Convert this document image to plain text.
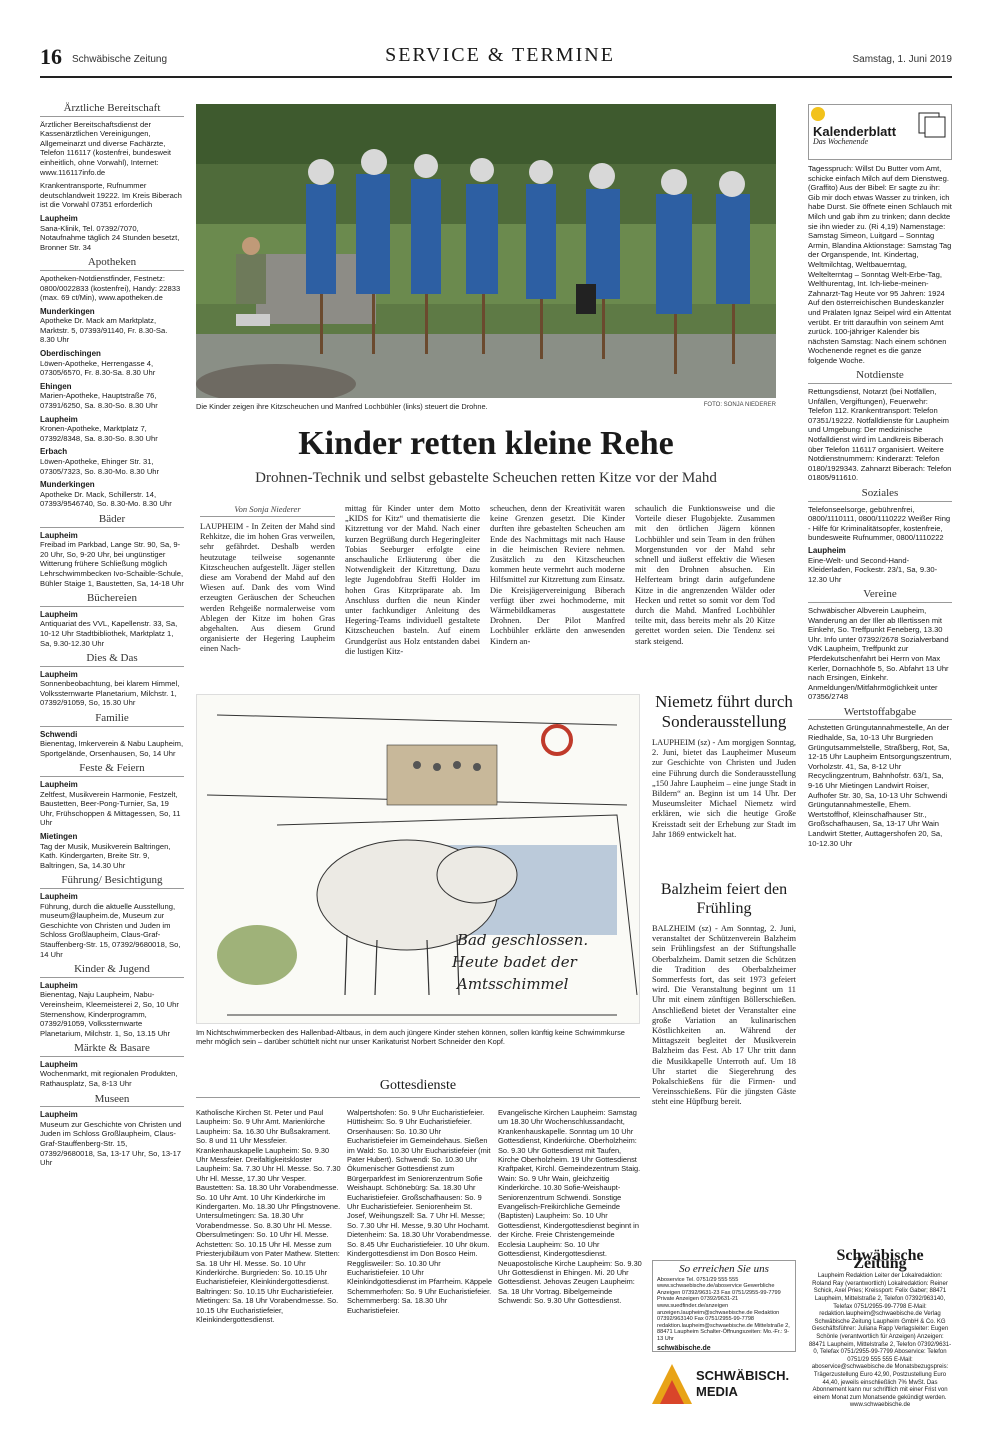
16 Schwäbische Zeitung	SERVICE & TERMINE	Samstag, 1. Juni 2019
Ärztliche Bereitschaft

Ärztlicher Bereitschaftsdienst der Kassenärztlichen Vereinigungen, Allgemeinarzt und diverse Fachärzte, Telefon 116117 (kostenfrei, bundesweit einheitlich, ohne Vorwahl), Internet: www.116117info.de

Krankentransporte, Rufnummer deutschlandweit 19222. Im Kreis Biberach ist die Vorwahl 07351 erforderlich

Laupheim

Sana-Klinik, Tel. 07392/7070, Notaufnahme täglich 24 Stunden besetzt, Bronner Str. 34

Apotheken

Apotheken-Notdienstfinder, Festnetz: 0800/0022833 (kostenfrei), Handy: 22833 (max. 69 ct/Min), www.apotheken.de

Munderkingen

Apotheke Dr. Mack am Marktplatz, Marktstr. 5, 07393/91140, Fr. 8.30-Sa. 8.30 Uhr

Oberdischingen

Löwen-Apotheke, Herrengasse 4, 07305/6570, Fr. 8.30-Sa. 8.30 Uhr

Ehingen

Marien-Apotheke, Hauptstraße 76, 07391/6250, Sa. 8.30-So. 8.30 Uhr

Laupheim

Kronen-Apotheke, Marktplatz 7, 07392/8348, Sa. 8.30-So. 8.30 Uhr

Erbach

Löwen-Apotheke, Ehinger Str. 31, 07305/7323, So. 8.30-Mo. 8.30 Uhr

Munderkingen

Apotheke Dr. Mack, Schillerstr. 14, 07393/9546740, So. 8.30-Mo. 8.30 Uhr

Bäder
Laupheim

Freibad im Parkbad, Lange Str. 90, Sa, 9-20 Uhr, So, 9-20 Uhr, bei ungünstiger Witterung frühere Schließung möglich Lehrschwimmbecken Ivo-Schaible-Schule, Bühler Staige 1, Baustetten, Sa, 14-18 Uhr

Büchereien
Laupheim

Antiquariat des VVL, Kapellenstr. 33, Sa, 10-12 Uhr Stadtbibliothek, Marktplatz 1, Sa, 9.30-12.30 Uhr

Dies & Das
Laupheim

Sonnenbeobachtung, bei klarem Himmel, Volkssternwarte Planetarium, Milchstr. 1, 07392/91059, So, 15.30 Uhr

Familie
Schwendi

Bienentag, Imkerverein & Nabu Laupheim, Sportgelände, Orsenhausen, So, 14 Uhr

Feste & Feiern
Laupheim

Zeltfest, Musikverein Harmonie, Festzelt, Baustetten, Beer-Pong-Turnier, Sa, 19 Uhr, Frühschoppen & Mittagessen, So, 11 Uhr

Mietingen

Tag der Musik, Musikverein Baltringen, Kath. Kindergarten, Breite Str. 9, Baltringen, Sa, 14.30 Uhr

Führung/ Besichtigung
Laupheim

Führung, durch die aktuelle Ausstellung, museum@laupheim.de, Museum zur Geschichte von Christen und Juden im Schloss Großlaupheim, Claus-Graf-Stauffenberg-Str. 15, 07392/9680018, So, 14 Uhr

Kinder & Jugend
Laupheim

Bienentag, Naju Laupheim, Nabu-Vereinsheim, Kleemeisterei 2, So, 10 Uhr Sternenshow, Kinderprogramm, 07392/91059, Volkssternwarte Planetarium, Milchstr. 1, So, 13.15 Uhr

Märkte & Basare
Laupheim

Wochenmarkt, mit regionalen Produkten, Rathausplatz, Sa, 8-13 Uhr

Museen
Laupheim

Museum zur Geschichte von Christen und Juden im Schloss Großlaupheim, Claus-Graf-Stauffenberg-Str. 15, 07392/9680018, Sa, 13-17 Uhr, So, 13-17 Uhr

Die Kinder zeigen ihre Kitzscheuchen und Manfred Lochbühler (links) steuert die Drohne.	FOTO: SONJA NIEDERER
Kinder retten kleine Rehe
Drohnen-Technik und selbst gebastelte Scheuchen retten Kitze vor der Mahd
Von Sonja Niederer
LAUPHEIM - In Zeiten der Mahd sind Rehkitze, die im hohen Gras verweilen, sehr gefährdet. Deshalb werden heutzutage teilweise sogenannte Kitzscheuchen aufgestellt. Jäger stellen diese am Vorabend der Mahd auf den Wiesen auf. Dank des vom Wind erzeugten Geräuschen der Scheuchen werden Rehgeiße normalerweise vom Ablegen der Kitze im hohen Gras abgehalten. Aus diesem Grund organisierte der Hegering Laupheim einen Nach-
mittag für Kinder unter dem Motto „KIDS for Kitz“ und thematisierte die Kitzrettung vor der Mahd. Nach einer kurzen Begrüßung durch Hegeringleiter Tobias Seeburger erfolgte eine anschauliche Erläuterung über die Notwendigkeit der Kitzrettung. Dazu legte Jugendobfrau Steffi Holder im hohen Gras Kitzpräparate ab. Im Anschluss durften die neun Kinder unter fachkundiger Anleitung des Hegering-Teams individuell gestaltete Kitzscheuchen basteln. Auf einem Grundgerüst aus Holz entstanden dabei die lustigen Kitz-
scheuchen, denn der Kreativität waren keine Grenzen gesetzt. Die Kinder durften ihre gebastelten Scheuchen am Ende des Nachmittags mit nach Hause in die heimischen Reviere nehmen. Zusätzlich zu den Kitzscheuchen kommen heute vermehrt auch moderne Hilfsmittel zur Kitzrettung zum Einsatz. Die Kreisjägervereinigung Biberach verfügt über zwei hochmoderne, mit Wärmebildkameras ausgestattete Drohnen. Der Pilot Manfred Lochbühler erklärte den anwesenden Kindern an-
schaulich die Funktionsweise und die Vorteile dieser Flugobjekte. Zusammen mit den örtlichen Jägern können Lochbühler und sein Team in den frühen Morgenstunden vor der Mahd sehr schnell und äußerst effektiv die Wiesen mit den Drohnen absuchen. Ein Helferteam bringt darin aufgefundene Kitze in die angrenzenden Wälder oder Hecken und rettet so somit vor dem Tod durch die Mahd. Manfred Lochbühler teilte mit, dass bereits mehr als 20 Kitze gerettet worden seien. Die Tendenz sei stark steigend.
Bad geschlossen.
Heute badet der
Amtsschimmel
Im Nichtschwimmerbecken des Hallenbad-Altbaus, in dem auch jüngere Kinder stehen können, sollen künftig keine Schwimmkurse mehr möglich sein – darüber schüttelt nicht nur unser Karikaturist Norbert Schneider den Kopf.
Niemetz führt durch Sonderausstellung
LAUPHEIM (sz) - Am morgigen Sonntag, 2. Juni, bietet das Laupheimer Museum zur Geschichte von Christen und Juden eine Führung durch die Sonderausstellung „150 Jahre Laupheim – eine junge Stadt in Bildern“ an. Beginn ist um 14 Uhr. Der Museumsleiter Michael Niemetz wird erklären, wie sich die heutige Große Kreisstadt seit der Erhebung zur Stadt im Jahr 1869 entwickelt hat.
Balzheim feiert den Frühling
BALZHEIM (sz) - Am Sonntag, 2. Juni, veranstaltet der Schützenverein Balzheim sein Frühlingsfest an der Stiftungshalle Oberbalzheim. Damit setzen die Schützen die Tradition des Oberbalzheimer Sommerfests fort, das seit 1973 gefeiert wird. Die Veranstaltung beginnt um 11 Uhr mit einem zünftigen Böllerschießen. Anschließend bietet der Veranstalter eine große Variation an kulinarischen Köstlichkeiten an. Während der Mittagszeit begleitet der Musikverein Balzheim das Fest. Ab 17 Uhr tritt dann die Musikkapelle Unterroth auf. Um 18 Uhr startet die Siegerehrung des Pokalschießens für die Firmen- und Vereinsschießens. Für die jüngsten Gäste steht eine Hüpfburg bereit.
Gottesdienste
Katholische Kirchen St. Peter und Paul Laupheim: So. 9 Uhr Amt. Marienkirche Laupheim: Sa. 16.30 Uhr Bußsakrament. So. 8 und 11 Uhr Messfeier. Krankenhauskapelle Laupheim: So. 9.30 Uhr Messfeier. Dreifaltigkeitskloster Laupheim: Sa. 7.30 Uhr Hl. Messe. So. 7.30 Uhr Hl. Messe, 17.30 Uhr Vesper. Baustetten: Sa. 18.30 Uhr Vorabendmesse. So. 10 Uhr Amt. 10 Uhr Kinderkirche im Kindergarten. Mo. 18.30 Uhr Pfingstnovene. Untersulmetingen: Sa. 18.30 Uhr Vorabendmesse. So. 8.30 Uhr Hl. Messe. Obersulmetingen: So. 10 Uhr Hl. Messe. Achstetten: So. 10.15 Uhr Hl. Messe zum Priesterjubiläum von Pater Mathew. Stetten: Sa. 18 Uhr Hl. Messe. So. 10 Uhr Kinderkirche. Burgrieden: So. 10.15 Uhr Eucharistiefeier, Kleinkindergottesdienst. Baltringen: So. 10.15 Uhr Eucharistiefeier. Mietingen: Sa. 18 Uhr Vorabendmesse. So. 10.15 Uhr Eucharistiefeier, Kleinkindergottesdienst.
Walpertshofen: So. 9 Uhr Eucharistiefeier. Hüttisheim: So. 9 Uhr Eucharistiefeier. Orsenhausen: So. 10.30 Uhr Eucharistiefeier im Gemeindehaus. Sießen im Wald: So. 10.30 Uhr Eucharistiefeier (mit Pater Hubert). Schwendi: So. 10.30 Uhr Ökumenischer Gottesdienst zum Bürgerparkfest im Seniorenzentrum Sofie Weishaupt. Schönebürg: Sa. 18.30 Uhr Eucharistiefeier. Großschafhausen: So. 9 Uhr Eucharistiefeier. Seniorenheim St. Josef, Weihungszell: Sa. 7 Uhr Hl. Messe; So. 7.30 Uhr Hl. Messe, 9.30 Uhr Hochamt. Dietenheim: Sa. 18.30 Uhr Vorabendmesse. So. 8.45 Uhr Eucharistiefeier. 10 Uhr ökum. Kindergottesdienst im Don Bosco Heim. Regglisweiler: So. 10.30 Uhr Eucharistiefeier. 10 Uhr Kleinkindgottesdienst im Pfarrheim. Käppele Schemmerhofen: So. 9 Uhr Eucharistiefeier. Schemmerberg: Sa. 18.30 Uhr Eucharistiefeier.
Evangelische Kirchen Laupheim: Samstag um 18.30 Uhr Wochenschlussandacht, Krankenhauskapelle. Sonntag um 10 Uhr Gottesdienst, Kinderkirche. Oberholzheim: So. 9.30 Uhr Gottesdienst mit Taufen, Kirche Oberholzheim. 19 Uhr Gottesdienst Kraftpaket, Kirchl. Gemeindezentrum Staig. Wain: So. 9 Uhr Wain, gleichzeitig Kinderkirche. 10.30 Sofie-Weishaupt-Seniorenzentrum Schwendi. Sonstige Evangelisch-Freikirchliche Gemeinde (Baptisten) Laupheim: So. 10 Uhr Gottesdienst, Kindergottesdienst beginnt in der Kirche. Freie Christengemeinde Ecclesia Laupheim: So. 10 Uhr Gottesdienst, Kindergottesdienst. Neuapostolische Kirche Laupheim: So. 9.30 Uhr Gottesdienst in Ehingen. Mi. 20 Uhr Gottesdienst. Jehovas Zeugen Laupheim: Sa. 18 Uhr Vortrag. Bibelgemeinde Schwendi: So. 9.30 Uhr Gottesdienst.
So erreichen Sie uns
Aboservice Tel. 0751/29 555 555 www.schwaebische.de/aboservice Gewerbliche Anzeigen 07392/9631-23 Fax 0751/2955-99-7799 Private Anzeigen 07392/9631-21 www.suedfinder.de/anzeigen anzeigen.laupheim@schwaebische.de Redaktion 07392/963140 Fax 0751/2955-99-7798 redaktion.laupheim@schwaebische.de Mittelstraße 2, 88471 Laupheim Schalter-Öffnungszeiten: Mo.-Fr.: 9-13 Uhr
schwäbische.de
SCHWÄBISCH.
MEDIA
Kalenderblatt
Das Wochenende

Tagesspruch: Willst Du Butter vom Amt, schicke einfach Milch auf dem Dienstweg. (Graffito) Aus der Bibel: Er sagte zu ihr: Gib mir doch etwas Wasser zu trinken, ich habe Durst. Sie öffnete einen Schlauch mit Milch und gab ihm zu trinken; dann deckte sie ihn wieder zu. (Ri 4,19) Namenstage: Samstag Simeon, Luitgard – Sonntag Armin, Blandina Aktionstage: Samstag Tag der Organspende, Int. Kindertag, Weltmilchtag, Weltbauerntag, Weltelterntag – Sonntag Welt-Erbe-Tag, Welthurentag, Int. Ich-liebe-meinen-Zahnarzt-Tag Heute vor 95 Jahren: 1924 Auf den österreichischen Bundeskanzler und Prälaten Ignaz Seipel wird ein Attentat verübt. Er tritt daraufhin von seinem Amt zurück. 100-jähriger Kalender bis nächsten Samstag: Nach einem schönen Wochenende regnet es die ganze folgende Woche.

Notdienste

Rettungsdienst, Notarzt (bei Notfällen, Unfällen, Vergiftungen), Feuerwehr: Telefon 112. Krankentransport: Telefon 07351/19222. Notfalldienste für Laupheim und Umgebung: Der medizinische Notfalldienst wird im Landkreis Biberach über Telefon 116117 organisiert. Weitere Notdienstnummern: Kinderarzt: Telefon 0180/1929343. Zahnarzt Biberach: Telefon 01805/911610.

Soziales

Telefonseelsorge, gebührenfrei, 0800/1110111, 0800/1110222 Weißer Ring - Hilfe für Kriminalitätsopfer, kostenfreie, bundesweite Rufnummer, 0800/1110222

Laupheim

Eine-Welt- und Second-Hand-Kleiderladen, Fockestr. 23/1, Sa, 9.30-12.30 Uhr

Vereine

Schwäbischer Albverein Laupheim, Wanderung an der Iller ab Illertissen mit Einkehr, So. Treffpunkt Feneberg, 13.30 Uhr. Info unter 07392/2678 Sozialverband VdK Laupheim, Treffpunkt zur Pferdekutschenfahrt bei Herrn von Max Kerler, Dornachhöfe 5, So. Abfahrt 13 Uhr nach Ersingen, Einkehr. Anmeldungen/Mitfahrmöglichkeit unter 07356/2748

Wertstoffabgabe

Achstetten Grüngutannahmestelle, An der Riedhalde, Sa, 10-13 Uhr Burgrieden Grüngutsammelstelle, Straßberg, Rot, Sa, 12-15 Uhr Laupheim Entsorgungszentrum, Vorholzstr. 41, Sa, 8-12 Uhr Recyclingzentrum, Bahnhofstr. 63/1, Sa, 9-16 Uhr Mietingen Landwirt Roiser, Aufhofer Str. 30, Sa, 10-13 Uhr Schwendi Grüngutannahmestelle, Ehem. Wertstoffhof, Kleinschafhauser Str., Großschafhausen, Sa, 13-17 Uhr Wain Landwirt Stetter, Auttagershofen 20, Sa, 10-12.30 Uhr

Schwäbische Zeitung
Laupheim Redaktion Leiter der Lokalredaktion: Roland Ray (verantwortlich) Lokalredaktion: Reiner Schick, Axel Pries; Kreissport: Felix Gaber; 88471 Laupheim, Mittelstraße 2, Telefon 07392/963140, Telefax 0751/2955-99-7798 E-Mail: redaktion.laupheim@schwaebische.de Verlag Schwäbische Zeitung Laupheim GmbH & Co. KG Geschäftsführer: Juliana Rapp Verlagsleiter: Eugen Schönle (verantwortlich für Anzeigen) Anzeigen: 88471 Laupheim, Mittelstraße 2, Telefon 07392/9631-0, Telefax 0751/2955-99-7799 Aboservice: Telefon 0751/29 555 555 E-Mail: aboservice@schwaebische.de Monatsbezugspreis: Trägerzustellung Euro 42,90, Postzustellung Euro 44,40, jeweils einschließlich 7% MwSt. Das Abonnement kann nur schriftlich mit einer Frist von einem Monat zum Monatsende gekündigt werden. www.schwaebische.de
